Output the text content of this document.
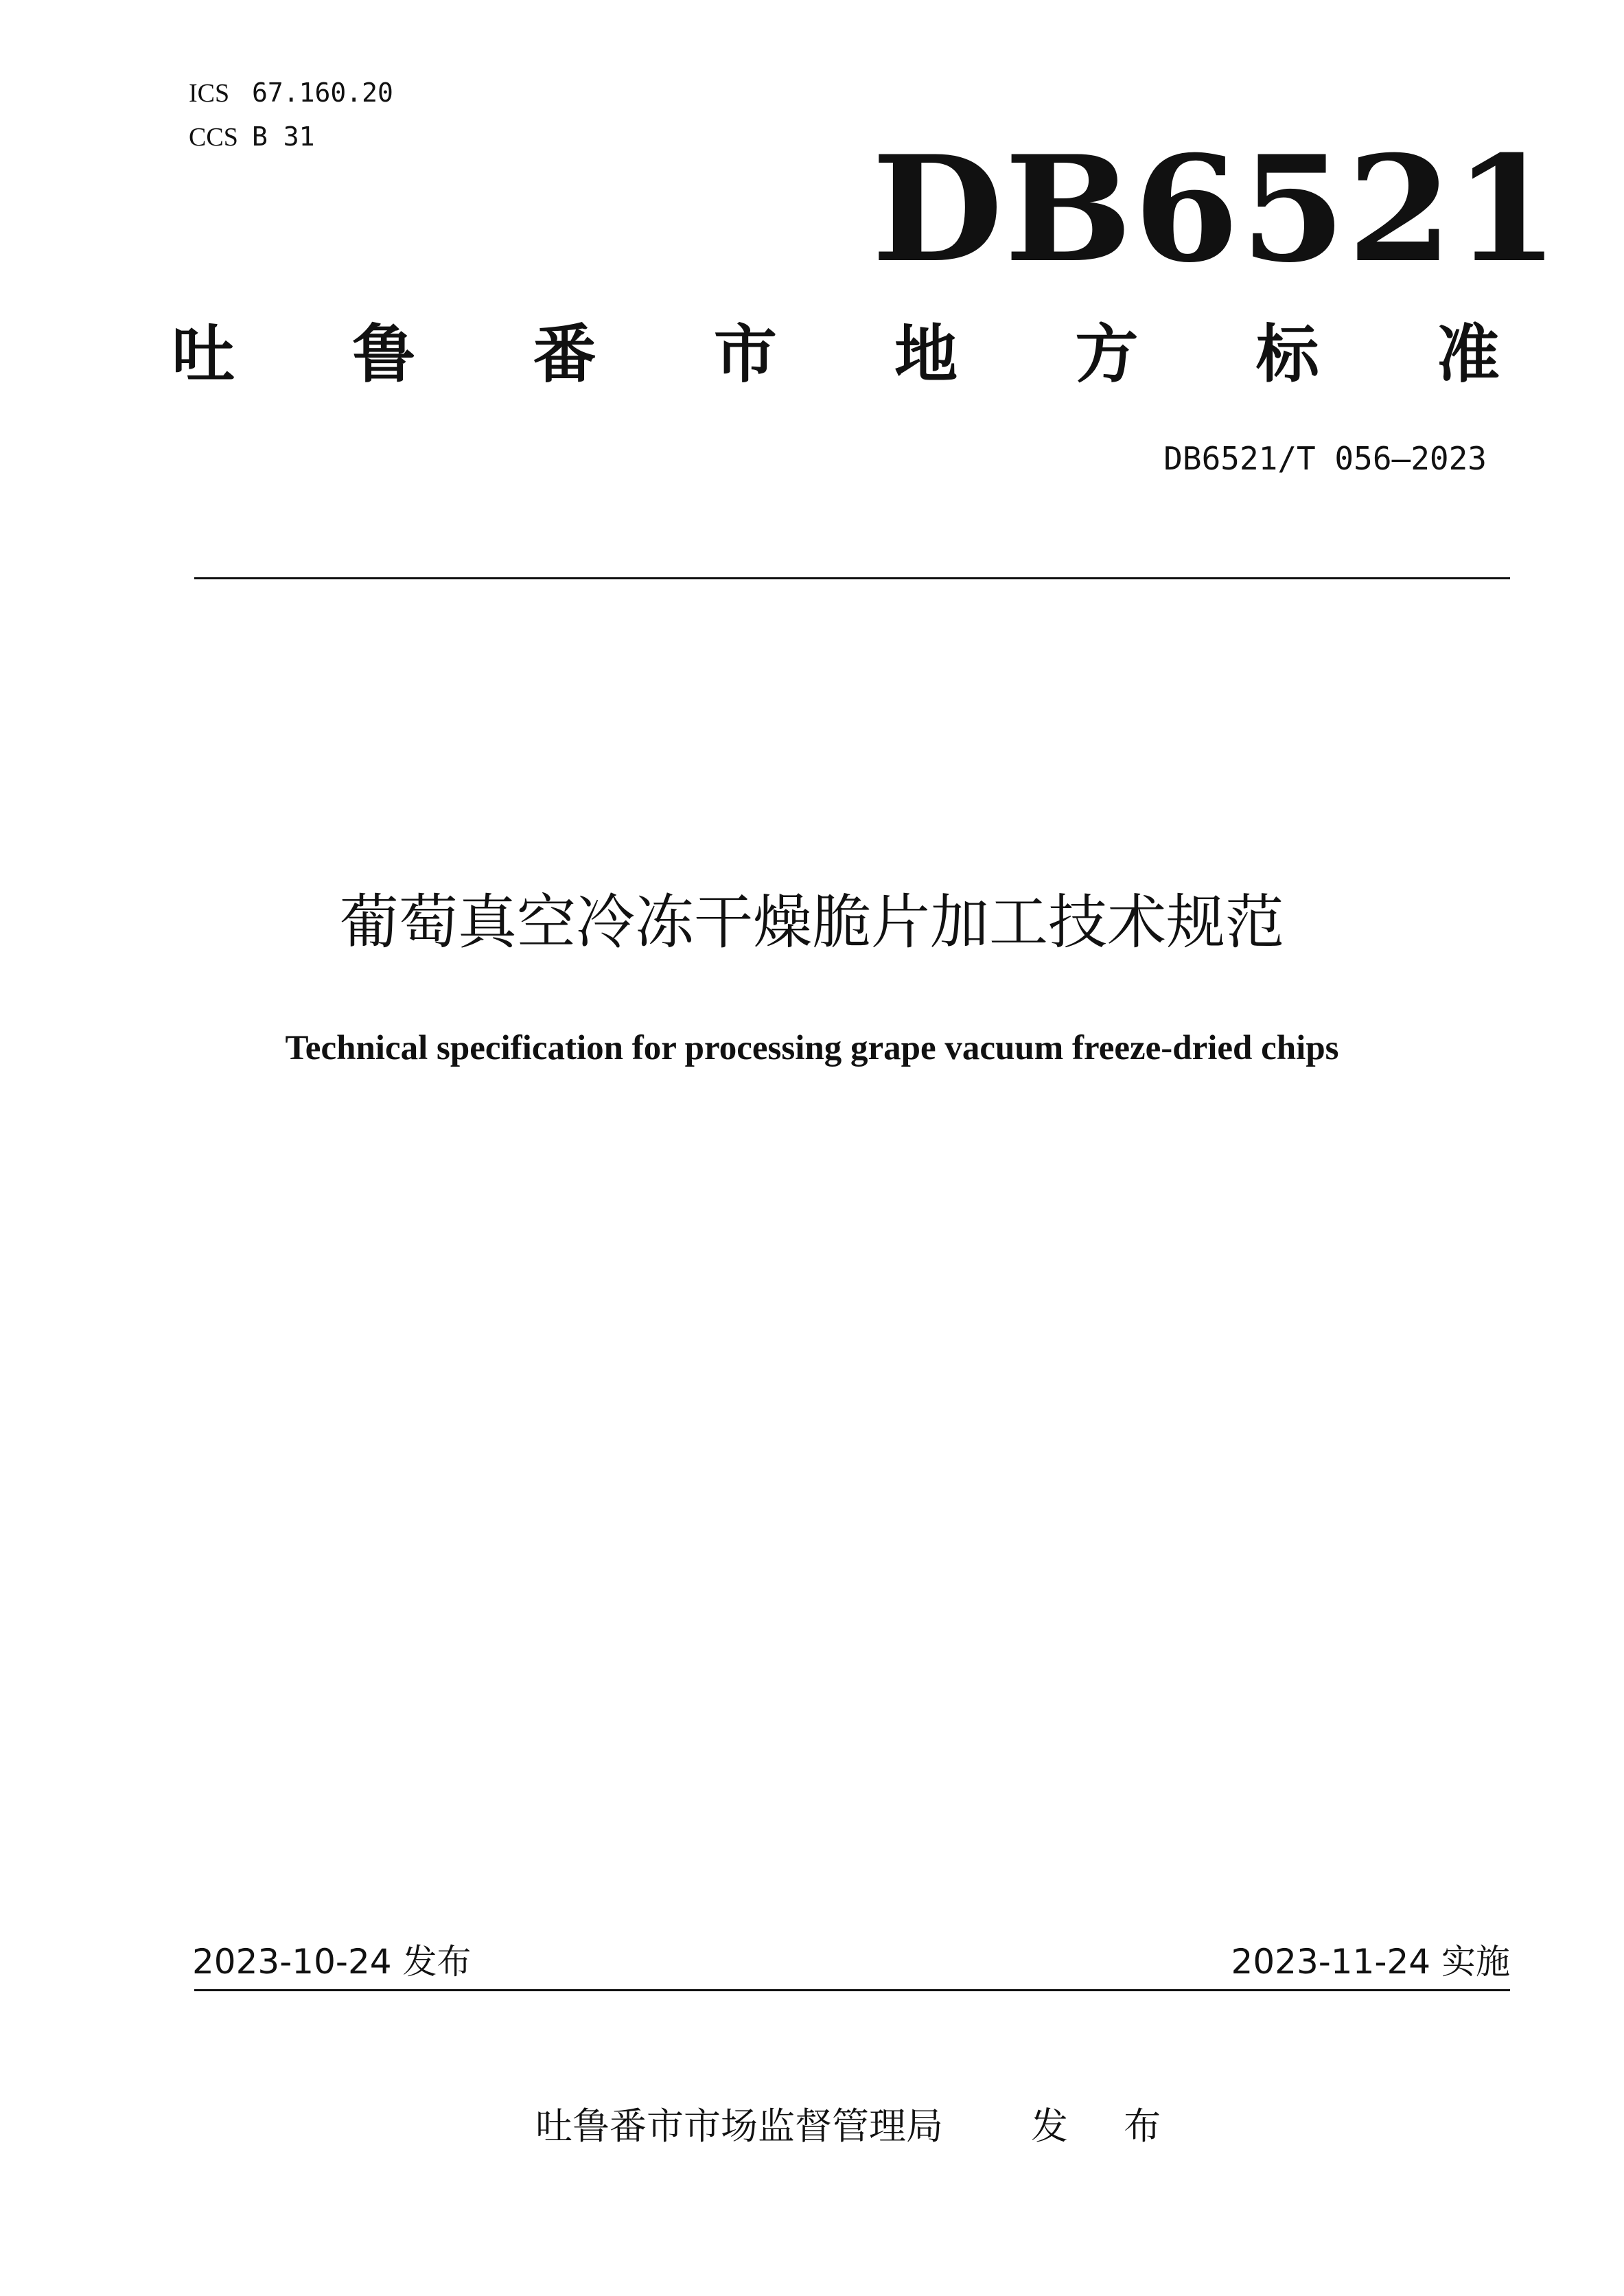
ICS 67.160.20
CCS B 31	DB6521
吐 鲁 番 市 地 方 标 准
DB6521/T 056—2023
葡萄真空冷冻干燥脆片加工技术规范
Technical specification for processing grape vacuum freeze-dried chips
2023-10-24 发布	2023-11-24 实施
吐鲁番市市场监督管理局 发 布
